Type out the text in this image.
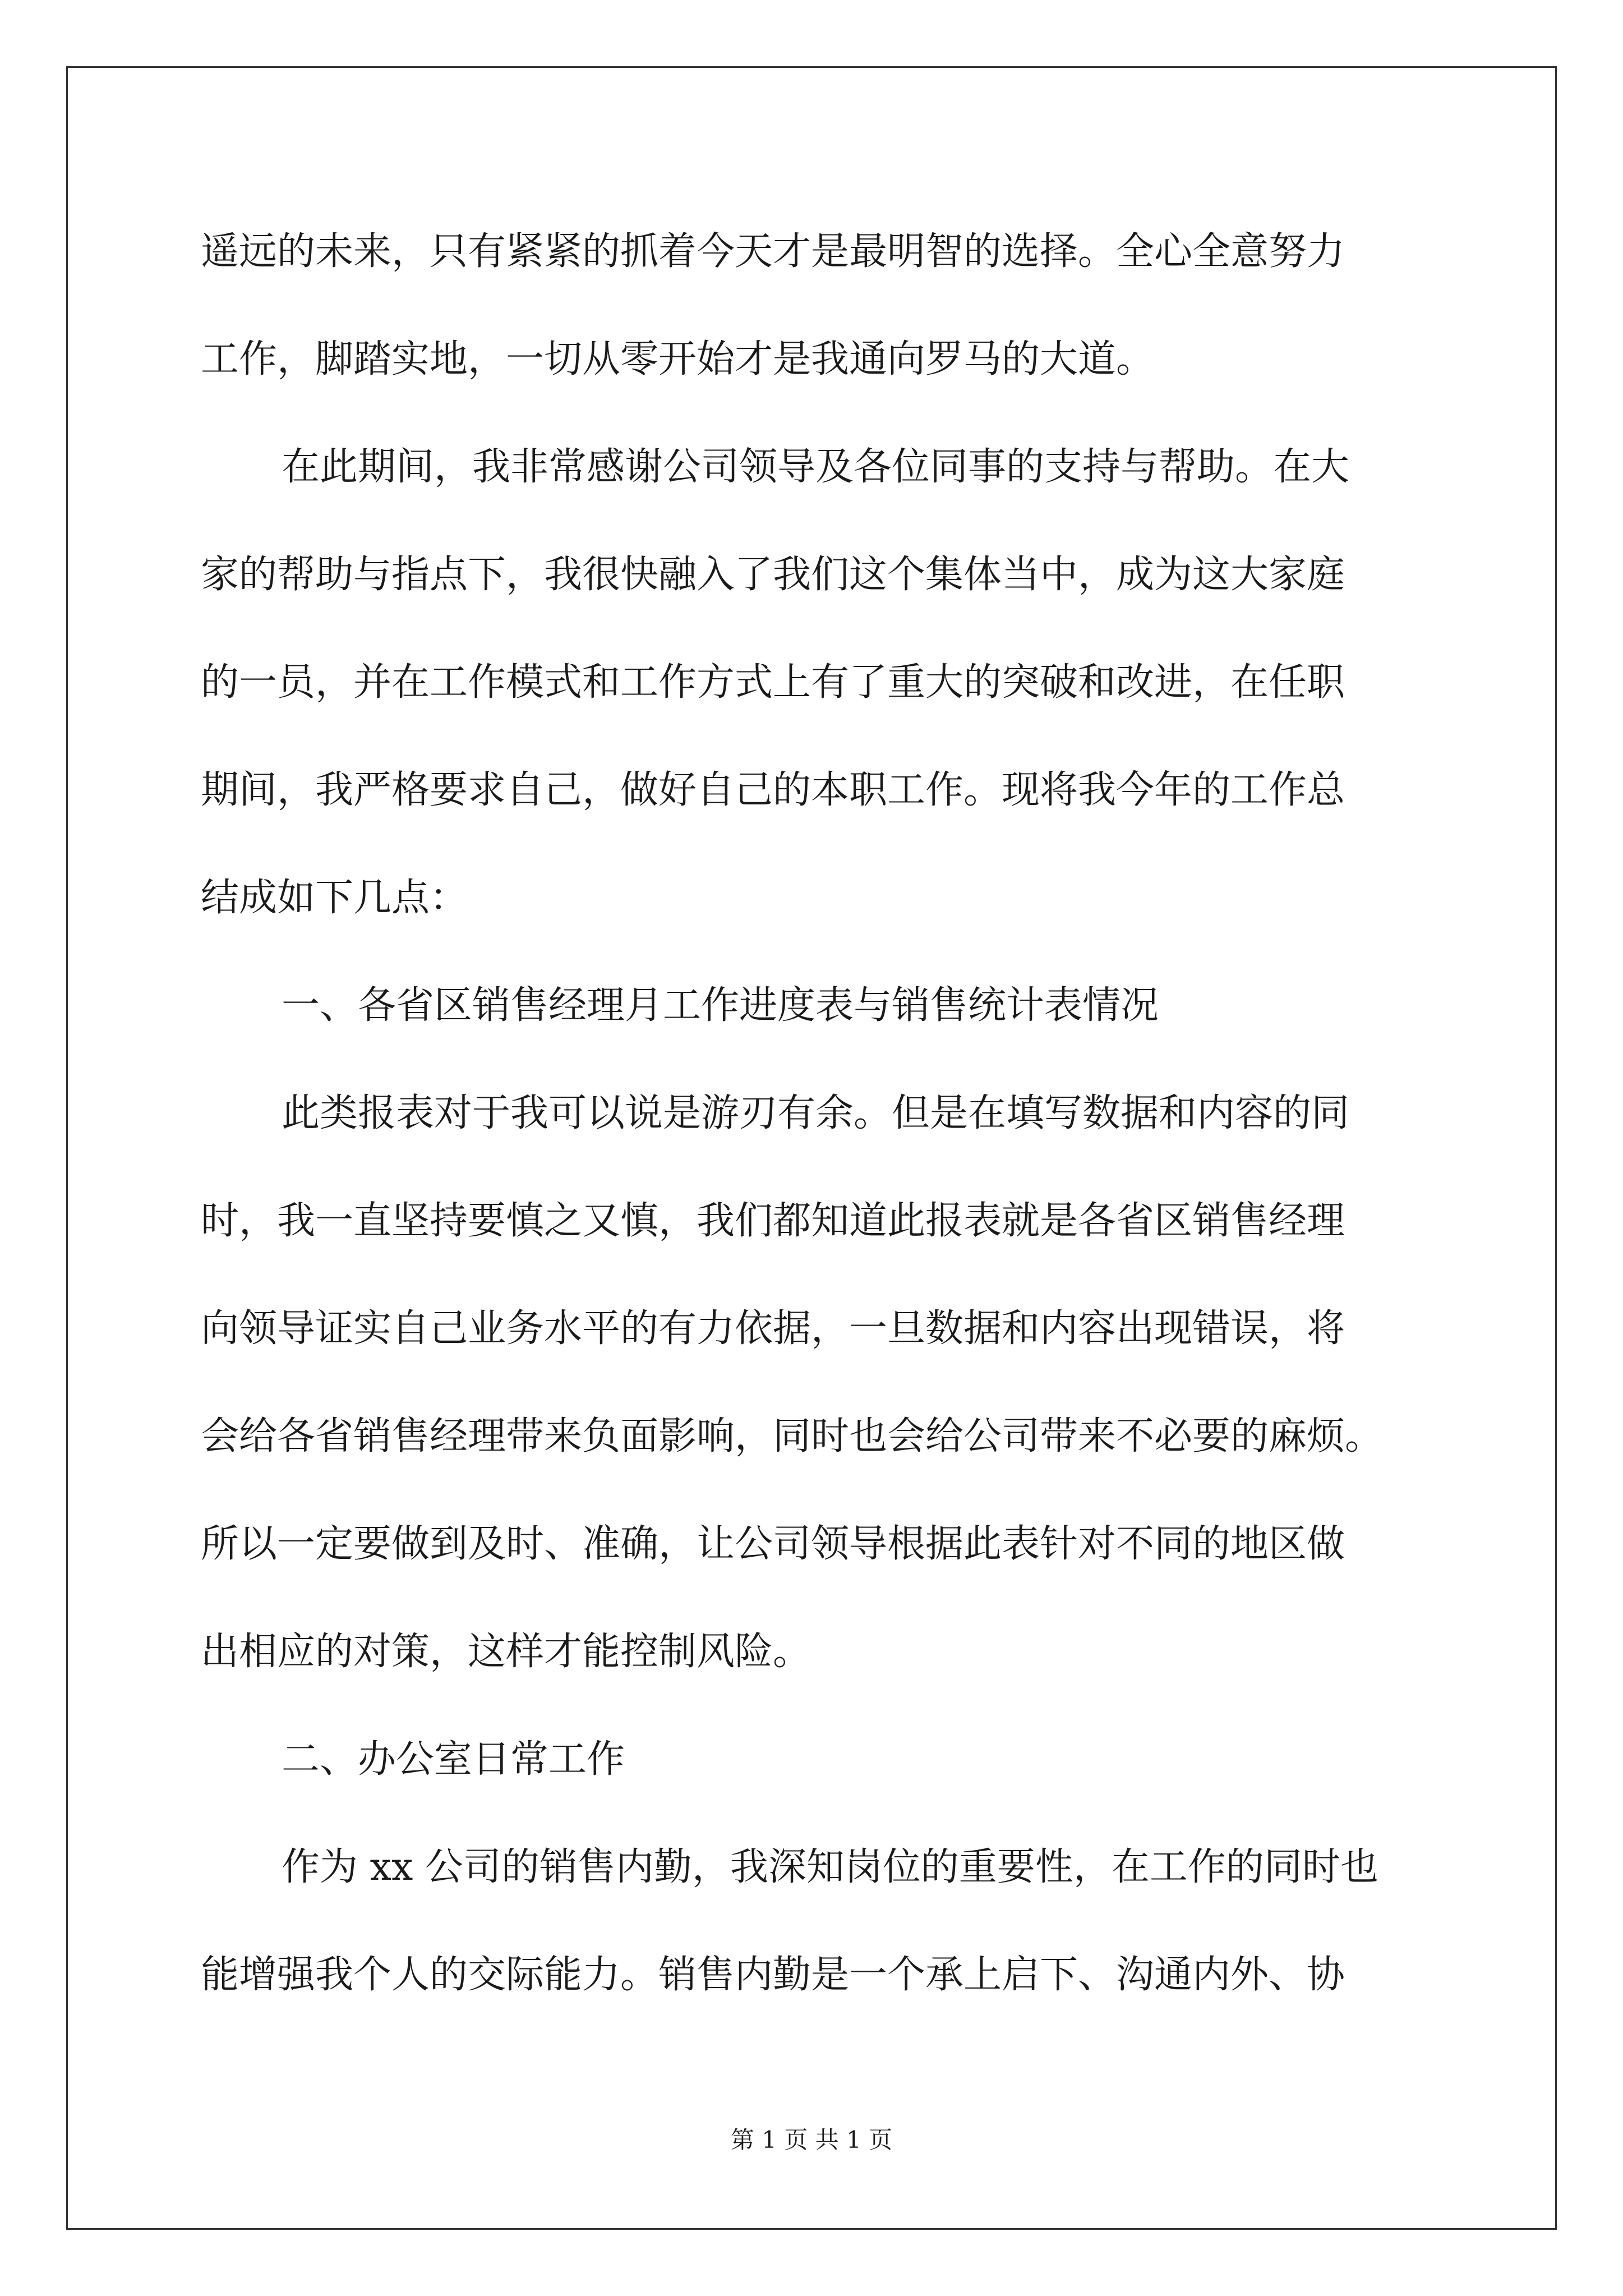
遥远的未来，只有紧紧的抓着今天才是最明智的选择。全心全意努力
工作，脚踏实地，一切从零开始才是我通向罗马的大道。
在此期间，我非常感谢公司领导及各位同事的支持与帮助。在大
家的帮助与指点下，我很快融入了我们这个集体当中，成为这大家庭
的一员，并在工作模式和工作方式上有了重大的突破和改进，在任职
期间，我严格要求自己，做好自己的本职工作。现将我今年的工作总
结成如下几点：
一、各省区销售经理月工作进度表与销售统计表情况
此类报表对于我可以说是游刃有余。但是在填写数据和内容的同
时，我一直坚持要慎之又慎，我们都知道此报表就是各省区销售经理
向领导证实自己业务水平的有力依据，一旦数据和内容出现错误，将
会给各省销售经理带来负面影响，同时也会给公司带来不必要的麻烦。
所以一定要做到及时、准确，让公司领导根据此表针对不同的地区做
出相应的对策，这样才能控制风险。
二、办公室日常工作
作为 xx 公司的销售内勤，我深知岗位的重要性，在工作的同时也
能增强我个人的交际能力。销售内勤是一个承上启下、沟通内外、协
第 1 页 共 1 页
